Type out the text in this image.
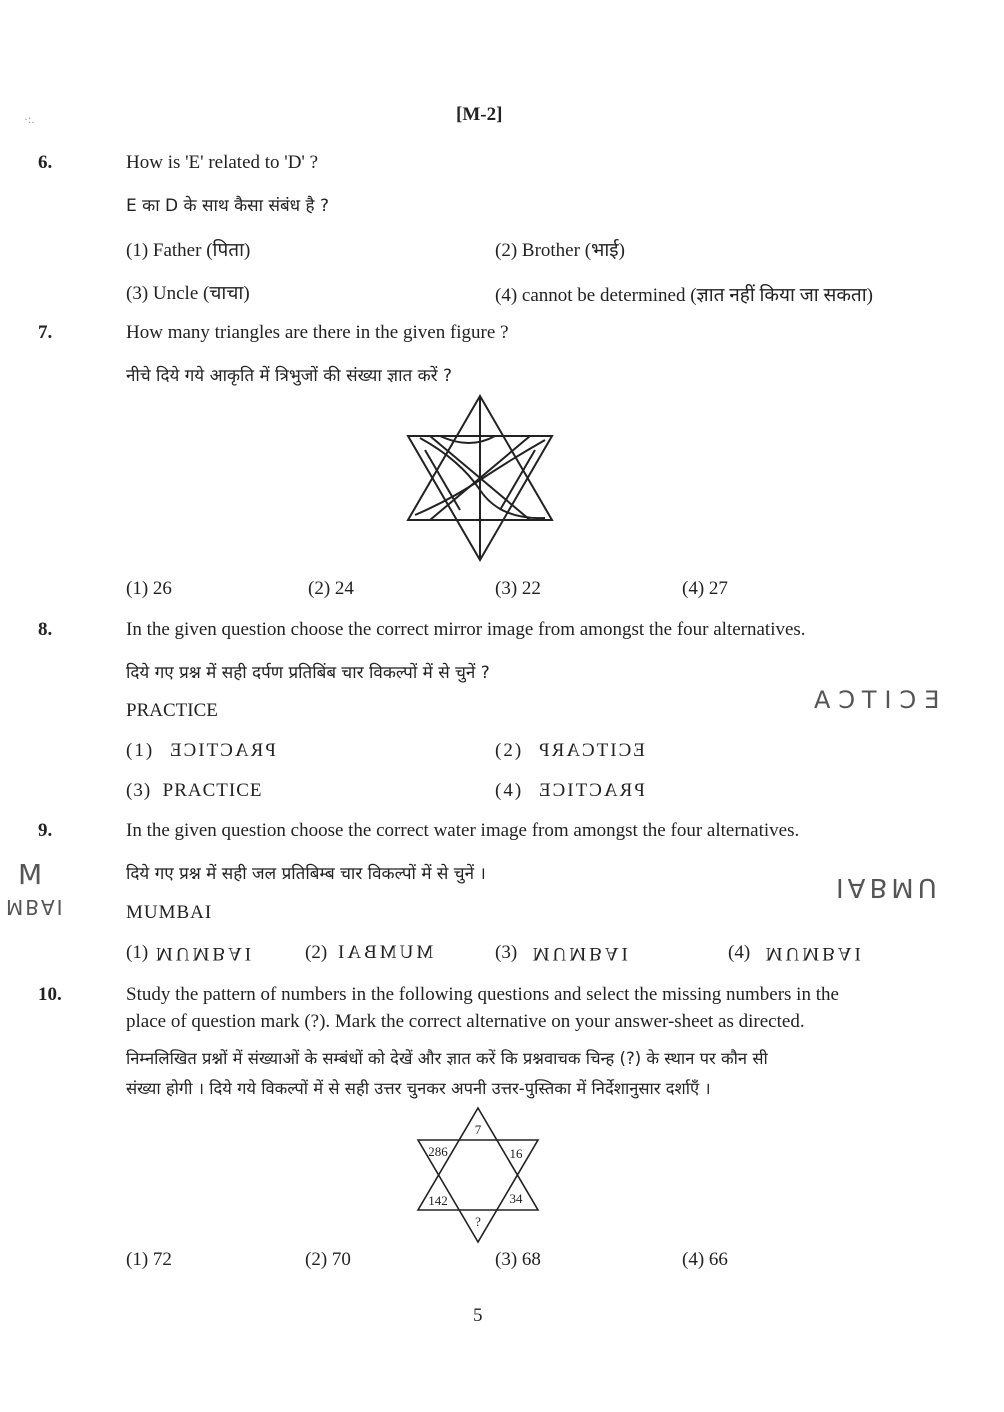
[M-2]
·:.
6.	How is 'E' related to 'D' ?
E का D के साथ कैसा संबंध है ?
(1) Father (पिता)	(2) Brother (भाई)
(3) Uncle (चाचा)	(4) cannot be determined (ज्ञात नहीं किया जा सकता)
7.	How many triangles are there in the given figure ?
नीचे दिये गये आकृति में त्रिभुजों की संख्या ज्ञात करें ?
(1) 26	(2) 24	(3) 22	(4) 27
8.	In the given question choose the correct mirror image from amongst the four alternatives.
दिये गए प्रश्न में सही दर्पण प्रतिबिंब चार विकल्पों में से चुनें ?
PRACTICE	ECITCA
(1) PRACTICE	(2) ECITCARP
(3) PRACTICE	(4) PRACTICE
9.	In the given question choose the correct water image from amongst the four alternatives.
दिये गए प्रश्न में सही जल प्रतिबिम्ब चार विकल्पों में से चुनें ।
MUMBAI
M
MBAI
IABMU
(1) MUMBAI	(2) MUMBAI	(3) MUMBAI	(4) MUMBAI
10.	Study the pattern of numbers in the following questions and select the missing numbers in the
place of question mark (?). Mark the correct alternative on your answer-sheet as directed.
निम्नलिखित प्रश्नों में संख्याओं के सम्बंधों को देखें और ज्ञात करें कि प्रश्नवाचक चिन्ह (?) के स्थान पर कौन सी
संख्या होगी । दिये गये विकल्पों में से सही उत्तर चुनकर अपनी उत्तर-पुस्तिका में निर्देशानुसार दर्शाएँ ।
7
286	16
142	34
?
(1) 72	(2) 70	(3) 68	(4) 66
5
